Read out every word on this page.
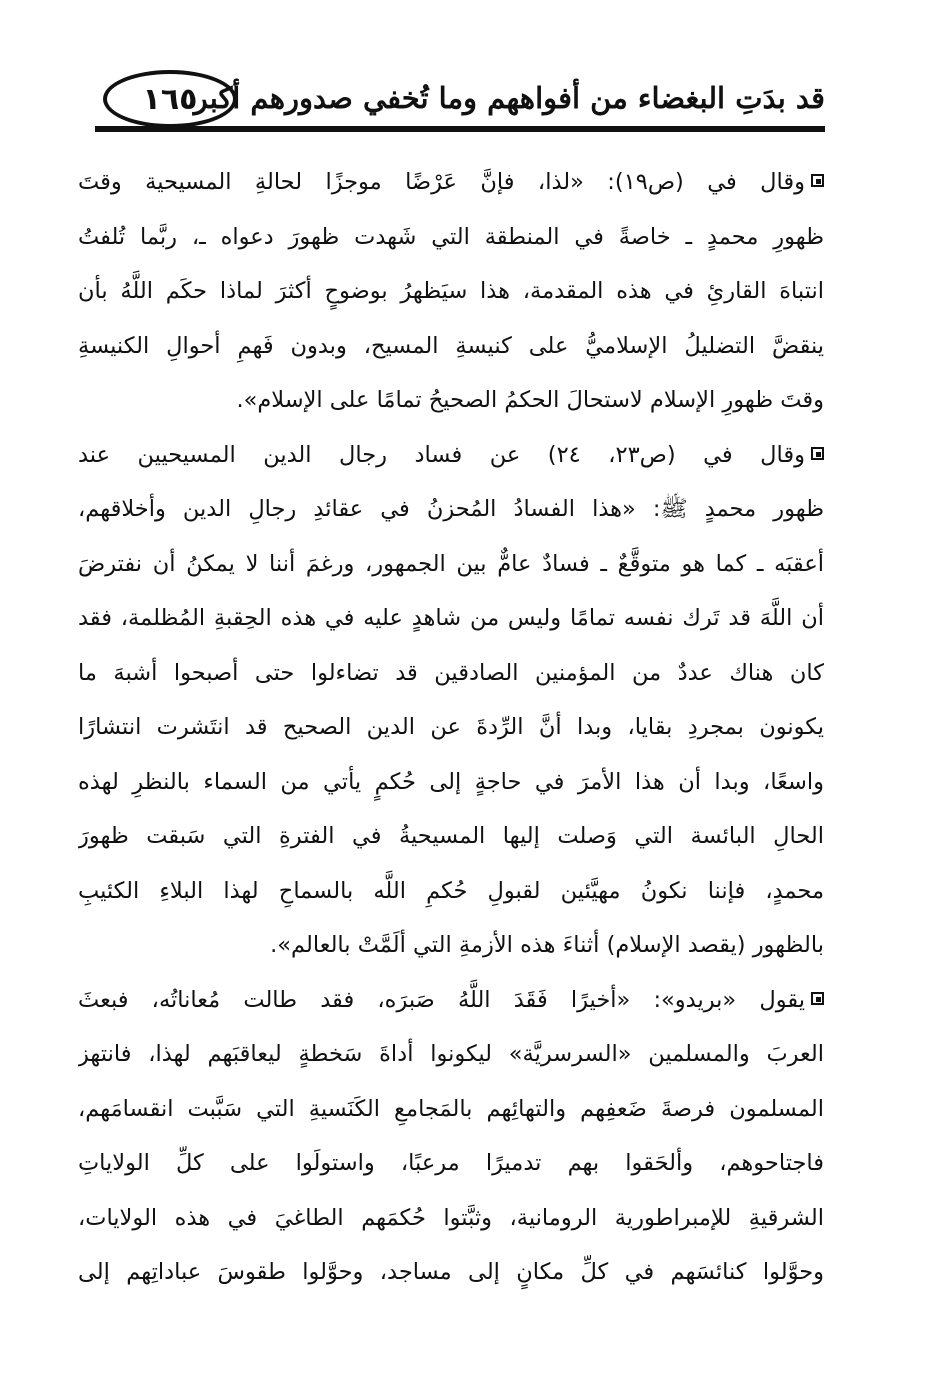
١٦٥
قد بدَتِ البغضاء من أفواههم وما تُخفي صدورهم أكبر
وقال في (ص١٩): «لذا، فإنَّ عَرْضًا موجزًا لحالةِ المسيحية وقتَ
ظهورِ محمدٍ ـ خاصةً في المنطقة التي شَهدت ظهورَ دعواه ـ، ربَّما تُلفتُ
انتباهَ القارئِ في هذه المقدمة، هذا سيَظهرُ بوضوحٍ أكثرَ لماذا حكَم اللَّهُ بأن
ينقضَّ التضليلُ الإسلاميُّ على كنيسةِ المسيح، وبدون فَهمِ أحوالِ الكنيسةِ
وقتَ ظهورِ الإسلام لاستحالَ الحكمُ الصحيحُ تمامًا على الإسلام».
وقال في (ص٢٣، ٢٤) عن فساد رجال الدين المسيحيين عند
ظهور محمدٍ ﷺ: «هذا الفسادُ المُحزنُ في عقائدِ رجالِ الدين وأخلاقهم،
أعقبَه ـ كما هو متوقَّعٌ ـ فسادٌ عامٌّ بين الجمهور، ورغمَ أننا لا يمكنُ أن نفترضَ
أن اللَّهَ قد تَرك نفسه تمامًا وليس من شاهدٍ عليه في هذه الحِقبةِ المُظلمة، فقد
كان هناك عددٌ من المؤمنين الصادقين قد تضاءلوا حتى أصبحوا أشبهَ ما
يكونون بمجردِ بقايا، وبدا أنَّ الرِّدةَ عن الدين الصحيح قد انتَشرت انتشارًا
واسعًا، وبدا أن هذا الأمرَ في حاجةٍ إلى حُكمٍ يأتي من السماء بالنظرِ لهذه
الحالِ البائسة التي وَصلت إليها المسيحيةُ في الفترةِ التي سَبقت ظهورَ
محمدٍ، فإننا نكونُ مهيَّئين لقبولِ حُكمِ اللَّه بالسماحِ لهذا البلاءِ الكئيبِ
بالظهور (يقصد الإسلام) أثناءَ هذه الأزمةِ التي ألَمَّتْ بالعالم».
يقول «بريدو»: «أخيرًا فَقَدَ اللَّهُ صَبرَه، فقد طالت مُعاناتُه، فبعثَ
العربَ والمسلمين «السرسريَّة» ليكونوا أداةَ سَخطةٍ ليعاقبَهم لهذا، فانتهز
المسلمون فرصةَ ضَعفِهم والتهائِهم بالمَجامعِ الكَنَسيةِ التي سَبَّبت انقسامَهم،
فاجتاحوهم، وألحَقوا بهم تدميرًا مرعبًا، واستولَوا على كلِّ الولاياتِ
الشرقيةِ للإمبراطورية الرومانية، وثبَّتوا حُكمَهم الطاغيَ في هذه الولايات،
وحوَّلوا كنائسَهم في كلِّ مكانٍ إلى مساجد، وحوَّلوا طقوسَ عباداتِهم إلى
